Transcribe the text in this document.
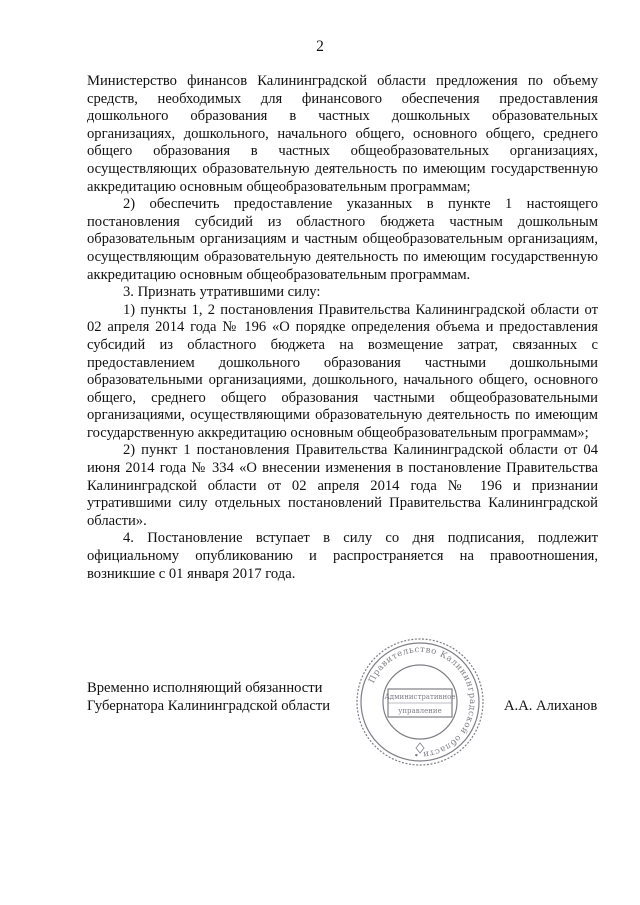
2

Министерство финансов Калининградской области предложения по объему средств, необходимых для финансового обеспечения предоставления дошкольного образования в частных дошкольных образовательных организациях, дошкольного, начального общего, основного общего, среднего общего образования в частных общеобразовательных организациях, осуществляющих образовательную деятельность по имеющим государственную аккредитацию основным общеобразовательным программам;

2) обеспечить предоставление указанных в пункте 1 настоящего постановления субсидий из областного бюджета частным дошкольным образовательным организациям и частным общеобразовательным организациям, осуществляющим образовательную деятельность по имеющим государственную аккредитацию основным общеобразовательным программам.

3. Признать утратившими силу:

1) пункты 1, 2 постановления Правительства Калининградской области от 02 апреля 2014 года № 196 «О порядке определения объема и предоставления субсидий из областного бюджета на возмещение затрат, связанных с предоставлением дошкольного образования частными дошкольными образовательными организациями, дошкольного, начального общего, основного общего, среднего общего образования частными общеобразовательными организациями, осуществляющими образовательную деятельность по имеющим государственную аккредитацию основным общеобразовательным программам»;

2) пункт 1 постановления Правительства Калининградской области от 04 июня 2014 года № 334 «О внесении изменения в постановление Правительства Калининградской области от 02 апреля 2014 года № 196 и признании утратившими силу отдельных постановлений Правительства Калининградской области».

4. Постановление вступает в силу со дня подписания, подлежит официальному опубликованию и распространяется на правоотношения, возникшие с 01 января 2017 года.

Временно исполняющий обязанности
Губернатора Калининградской области
Правительство Калининградской области •
Административное
управление	А.А. Алиханов
